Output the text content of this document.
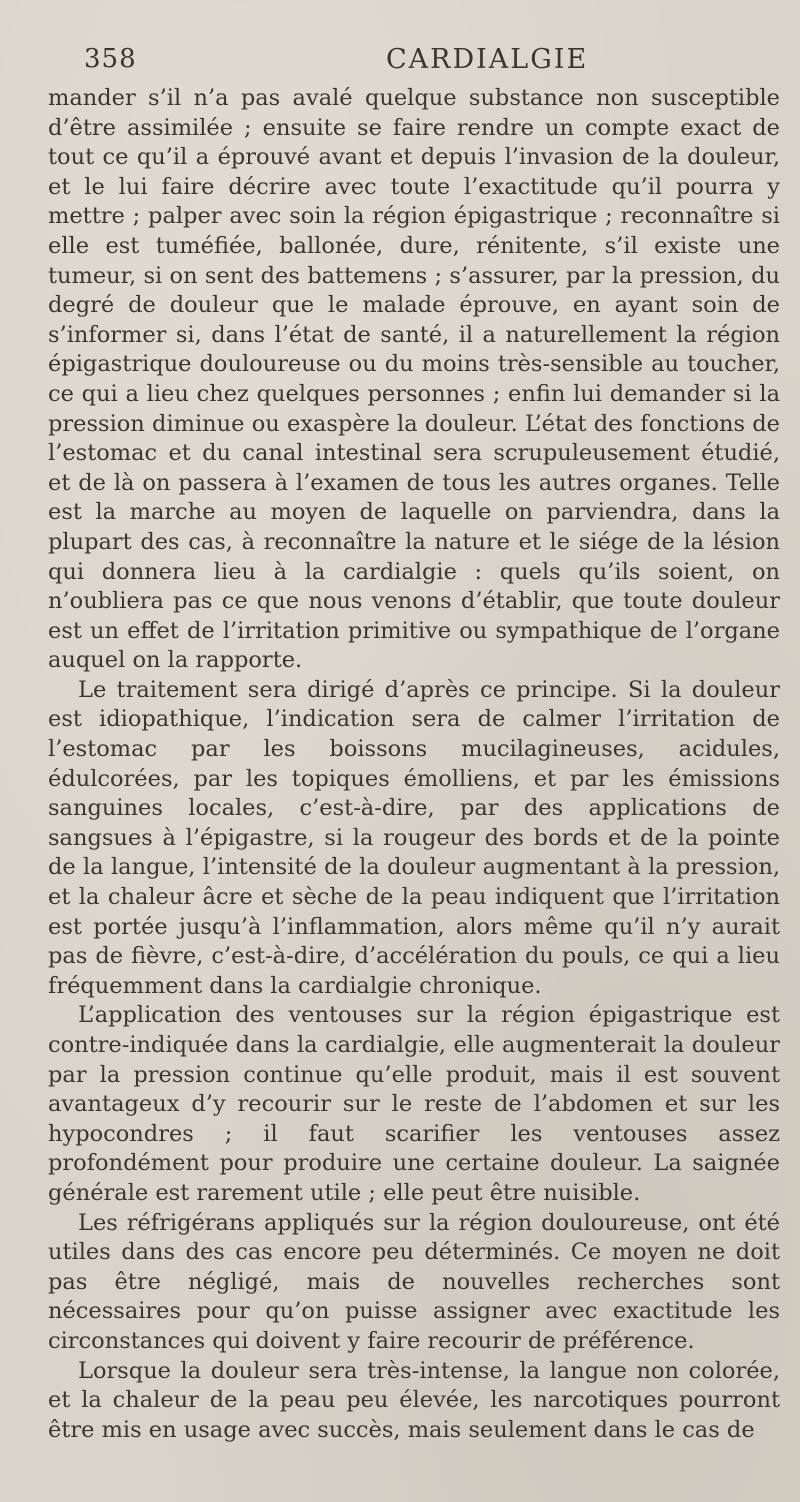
358	CARDIALGIE

mander s’il n’a pas avalé quelque substance non susceptible d’être assimilée ; ensuite se faire rendre un compte exact de tout ce qu’il a éprouvé avant et depuis l’invasion de la douleur, et le lui faire décrire avec toute l’exactitude qu’il pourra y mettre ; palper avec soin la région épigastrique ; reconnaître si elle est tuméfiée, ballonée, dure, rénitente, s’il existe une tumeur, si on sent des battemens ; s’assurer, par la pression, du degré de douleur que le malade éprouve, en ayant soin de s’informer si, dans l’état de santé, il a naturellement la région épigastrique douloureuse ou du moins très-sensible au toucher, ce qui a lieu chez quelques personnes ; enfin lui demander si la pression diminue ou exaspère la douleur. L’état des fonctions de l’estomac et du canal intestinal sera scrupuleusement étudié, et de là on passera à l’examen de tous les autres organes. Telle est la marche au moyen de laquelle on parviendra, dans la plupart des cas, à reconnaître la nature et le siége de la lésion qui donnera lieu à la cardialgie : quels qu’ils soient, on n’oubliera pas ce que nous venons d’établir, que toute douleur est un effet de l’irritation primitive ou sympathique de l’organe auquel on la rapporte.

Le traitement sera dirigé d’après ce principe. Si la douleur est idiopathique, l’indication sera de calmer l’irritation de l’estomac par les boissons mucilagineuses, acidules, édulcorées, par les topiques émolliens, et par les émissions sanguines locales, c’est-à-dire, par des applications de sangsues à l’épigastre, si la rougeur des bords et de la pointe de la langue, l’intensité de la douleur augmentant à la pression, et la chaleur âcre et sèche de la peau indiquent que l’irritation est portée jusqu’à l’inflammation, alors même qu’il n’y aurait pas de fièvre, c’est-à-dire, d’accélération du pouls, ce qui a lieu fréquemment dans la cardialgie chronique.

L’application des ventouses sur la région épigastrique est contre-indiquée dans la cardialgie, elle augmenterait la douleur par la pression continue qu’elle produit, mais il est souvent avantageux d’y recourir sur le reste de l’abdomen et sur les hypocondres ; il faut scarifier les ventouses assez profondément pour produire une certaine douleur. La saignée générale est rarement utile ; elle peut être nuisible.

Les réfrigérans appliqués sur la région douloureuse, ont été utiles dans des cas encore peu déterminés. Ce moyen ne doit pas être négligé, mais de nouvelles recherches sont nécessaires pour qu’on puisse assigner avec exactitude les circonstances qui doivent y faire recourir de préférence.

Lorsque la douleur sera très-intense, la langue non colorée, et la chaleur de la peau peu élevée, les narcotiques pourront être mis en usage avec succès, mais seulement dans le cas de
